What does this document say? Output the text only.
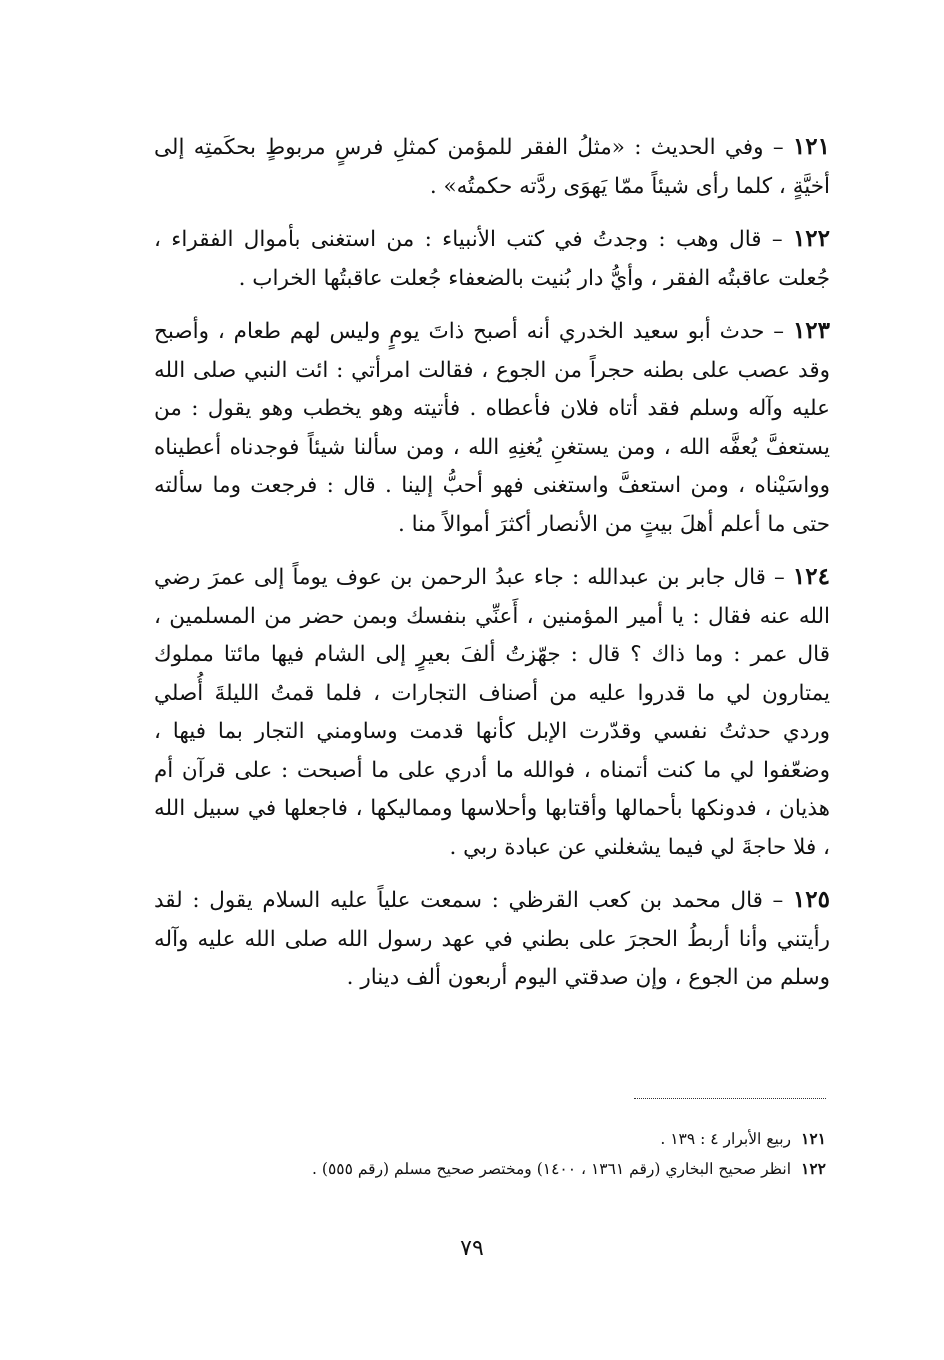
١٢١ – وفي الحديث : «مثلُ الفقر للمؤمن كمثلِ فرسٍ مربوطٍ بحكَمتِه إلى أخيَّةٍ ، كلما رأى شيئاً ممّا يَهوَى ردَّته حكمتُه» .

١٢٢ – قال وهب : وجدتُ في كتب الأنبياء : من استغنى بأموال الفقراء ، جُعلت عاقبتُه الفقر ، وأيُّ دار بُنيت بالضعفاء جُعلت عاقبتُها الخراب .

١٢٣ – حدث أبو سعيد الخدري أنه أصبح ذاتَ يومٍ وليس لهم طعام ، وأصبح وقد عصب على بطنه حجراً من الجوع ، فقالت امرأتي : ائت النبي صلى الله عليه وآله وسلم فقد أتاه فلان فأعطاه . فأتيته وهو يخطب وهو يقول : من يستعفَّ يُعفَّه الله ، ومن يستغنِ يُغنِهِ الله ، ومن سألنا شيئاً فوجدناه أعطيناه وواسَيْناه ، ومن استعفَّ واستغنى فهو أحبُّ إلينا . قال : فرجعت وما سألته حتى ما أعلم أهلَ بيتٍ من الأنصار أكثرَ أموالاً منا .

١٢٤ – قال جابر بن عبدالله : جاء عبدُ الرحمن بن عوف يوماً إلى عمرَ رضي الله عنه فقال : يا أمير المؤمنين ، أَعنِّي بنفسك وبمن حضر من المسلمين ، قال عمر : وما ذاك ؟ قال : جهّزتُ ألفَ بعيرٍ إلى الشام فيها مائتا مملوك يمتارون لي ما قدروا عليه من أصناف التجارات ، فلما قمتُ الليلةَ أُصلي وردي حدثتُ نفسي وقدّرت الإبل كأنها قدمت وساومني التجار بما فيها ، وضعّفوا لي ما كنت أتمناه ، فوالله ما أدري على ما أصبحت : على قرآن أم هذيان ، فدونكها بأحمالها وأقتابها وأحلاسها ومماليكها ، فاجعلها في سبيل الله ، فلا حاجةَ لي فيما يشغلني عن عبادة ربي .

١٢٥ – قال محمد بن كعب القرظي : سمعت علياً عليه السلام يقول : لقد رأيتني وأنا أربطُ الحجرَ على بطني في عهد رسول الله صلى الله عليه وآله وسلم من الجوع ، وإن صدقتي اليوم أربعون ألف دينار .

١٢١ربيع الأبرار ٤ : ١٣٩ .
١٢٢انظر صحيح البخاري (رقم ١٣٦١ ، ١٤٠٠) ومختصر صحيح مسلم (رقم ٥٥٥) .
٧٩
